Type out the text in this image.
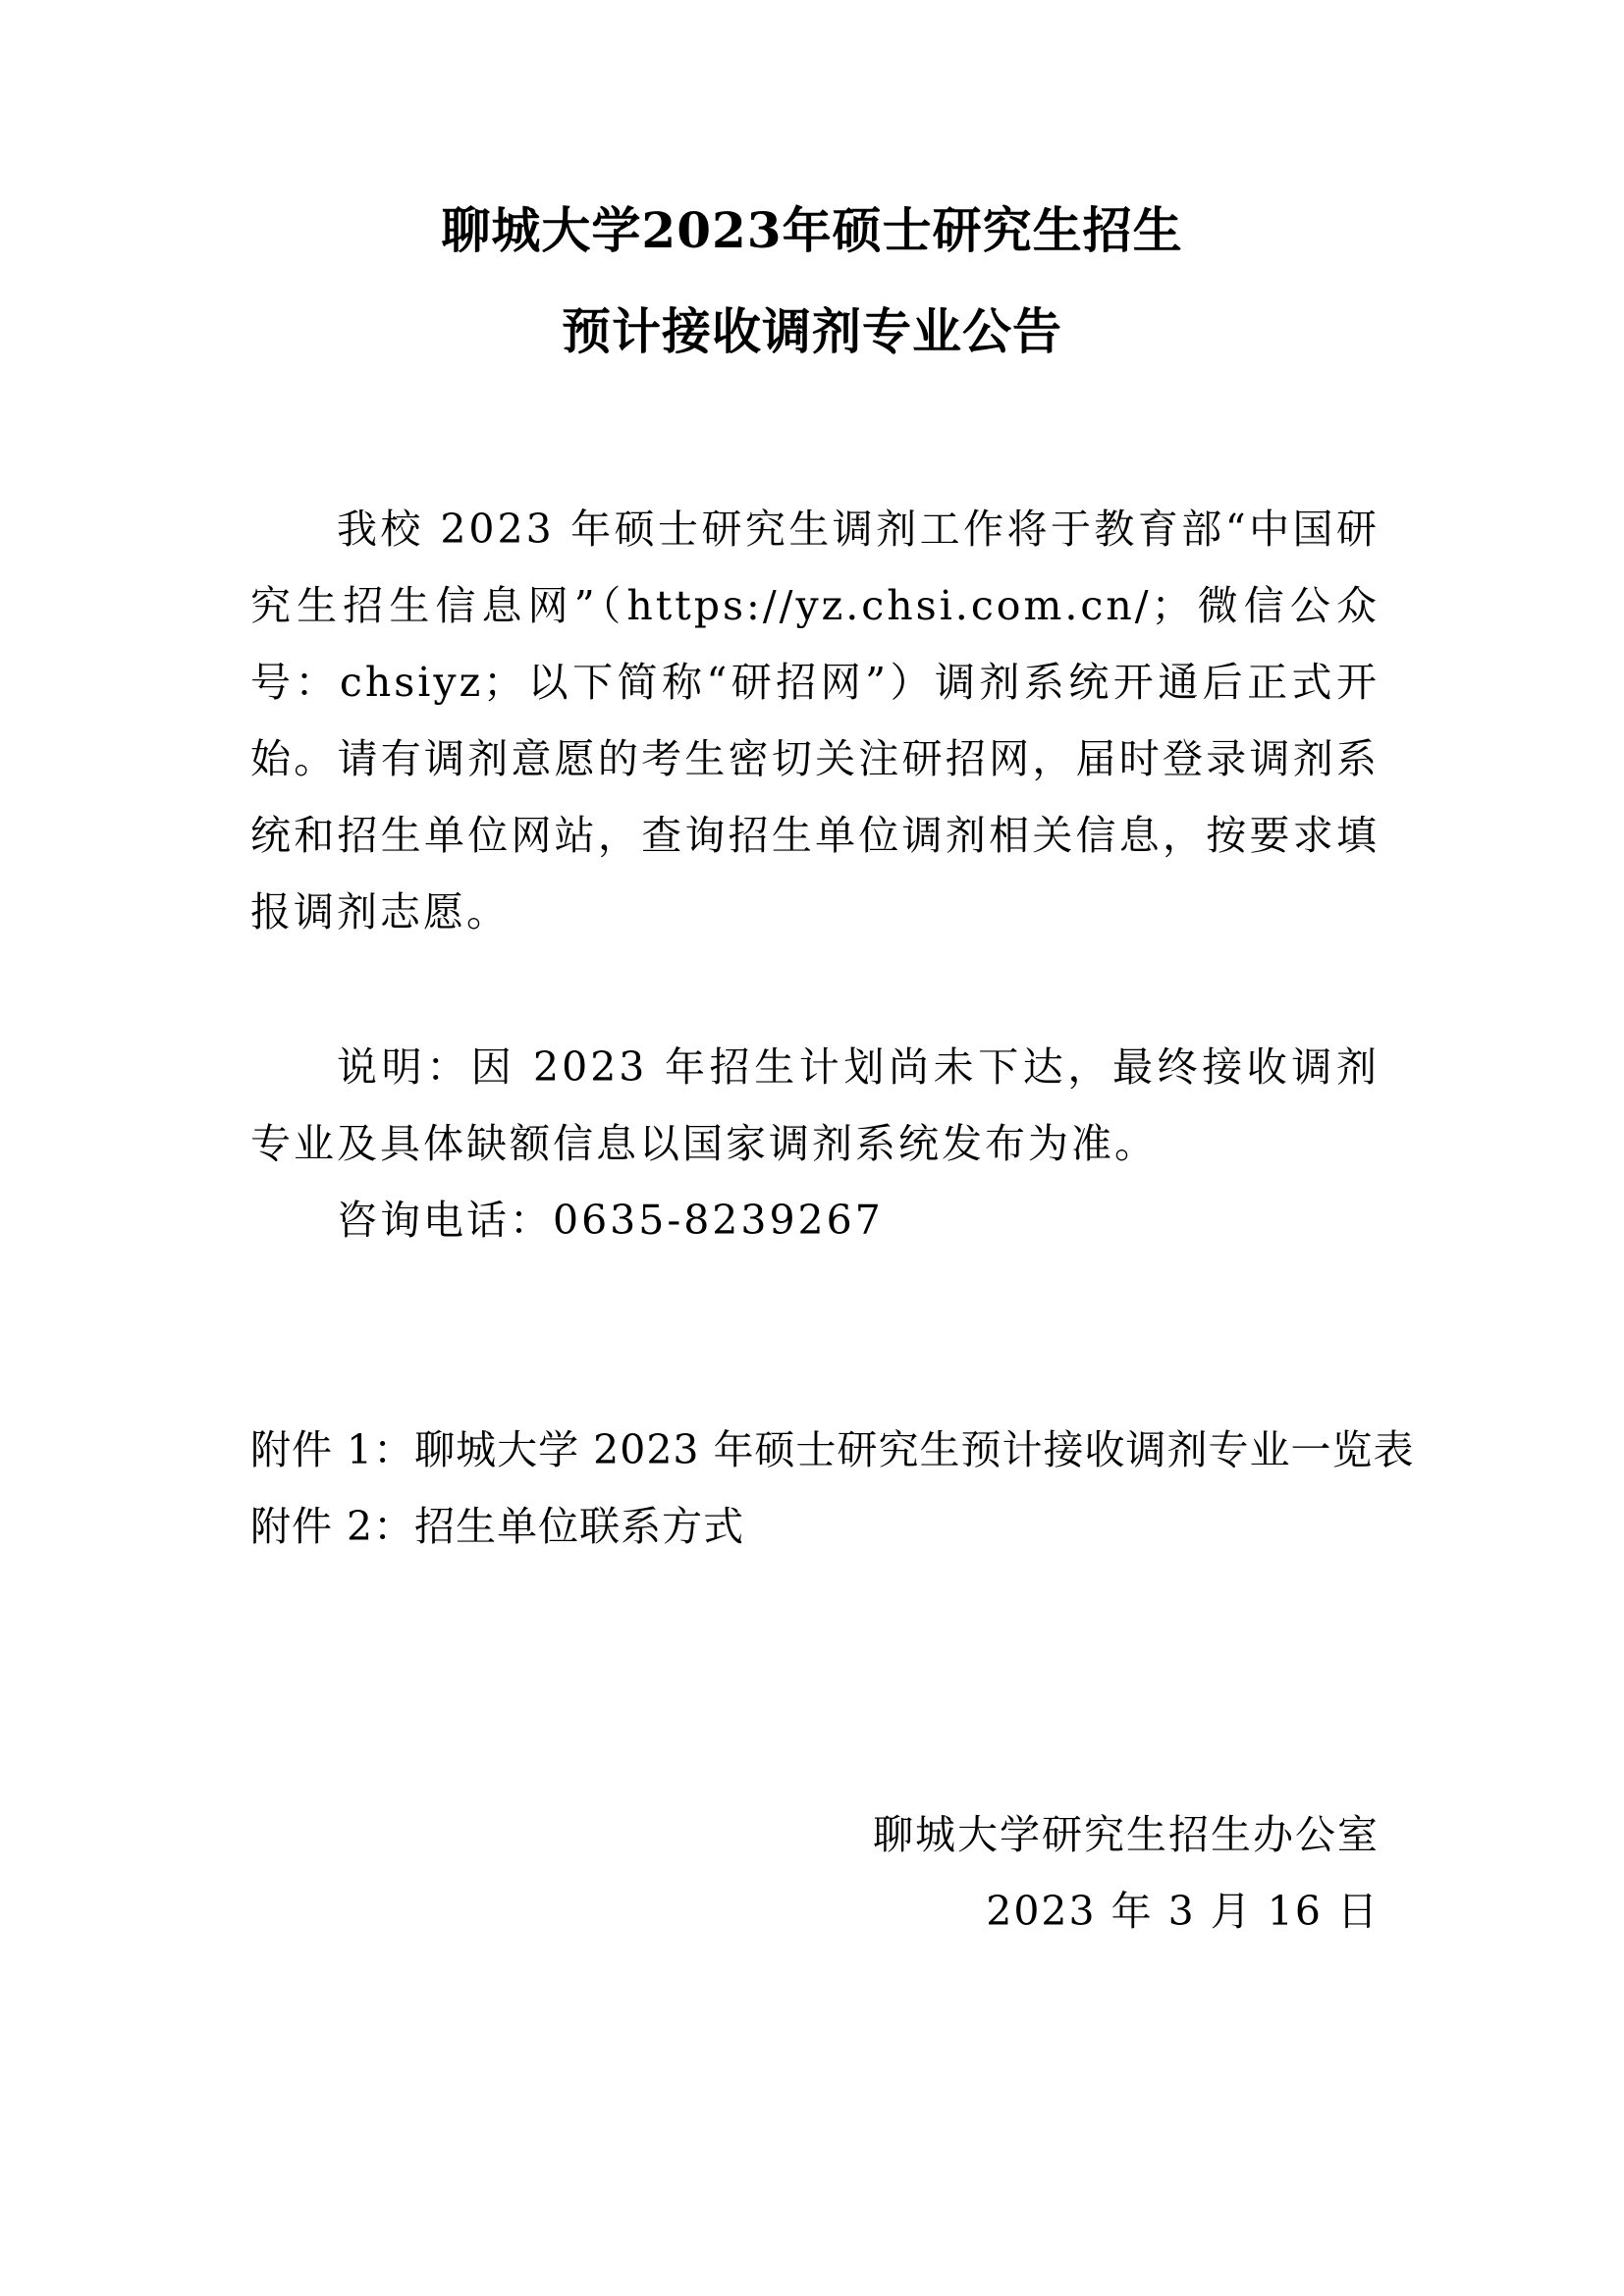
聊城大学2023年硕士研究生招生
预计接收调剂专业公告

我校 2023 年硕士研究生调剂工作将于教育部“中国研究生招生信息网”（https://yz.chsi.com.cn/；微信公众号：chsiyz；以下简称“研招网”）调剂系统开通后正式开始。请有调剂意愿的考生密切关注研招网，届时登录调剂系统和招生单位网站，查询招生单位调剂相关信息，按要求填报调剂志愿。

说明：因 2023 年招生计划尚未下达，最终接收调剂专业及具体缺额信息以国家调剂系统发布为准。

咨询电话：0635-8239267

附件 1：聊城大学 2023 年硕士研究生预计接收调剂专业一览表

附件 2：招生单位联系方式

聊城大学研究生招生办公室
2023 年 3 月 16 日
